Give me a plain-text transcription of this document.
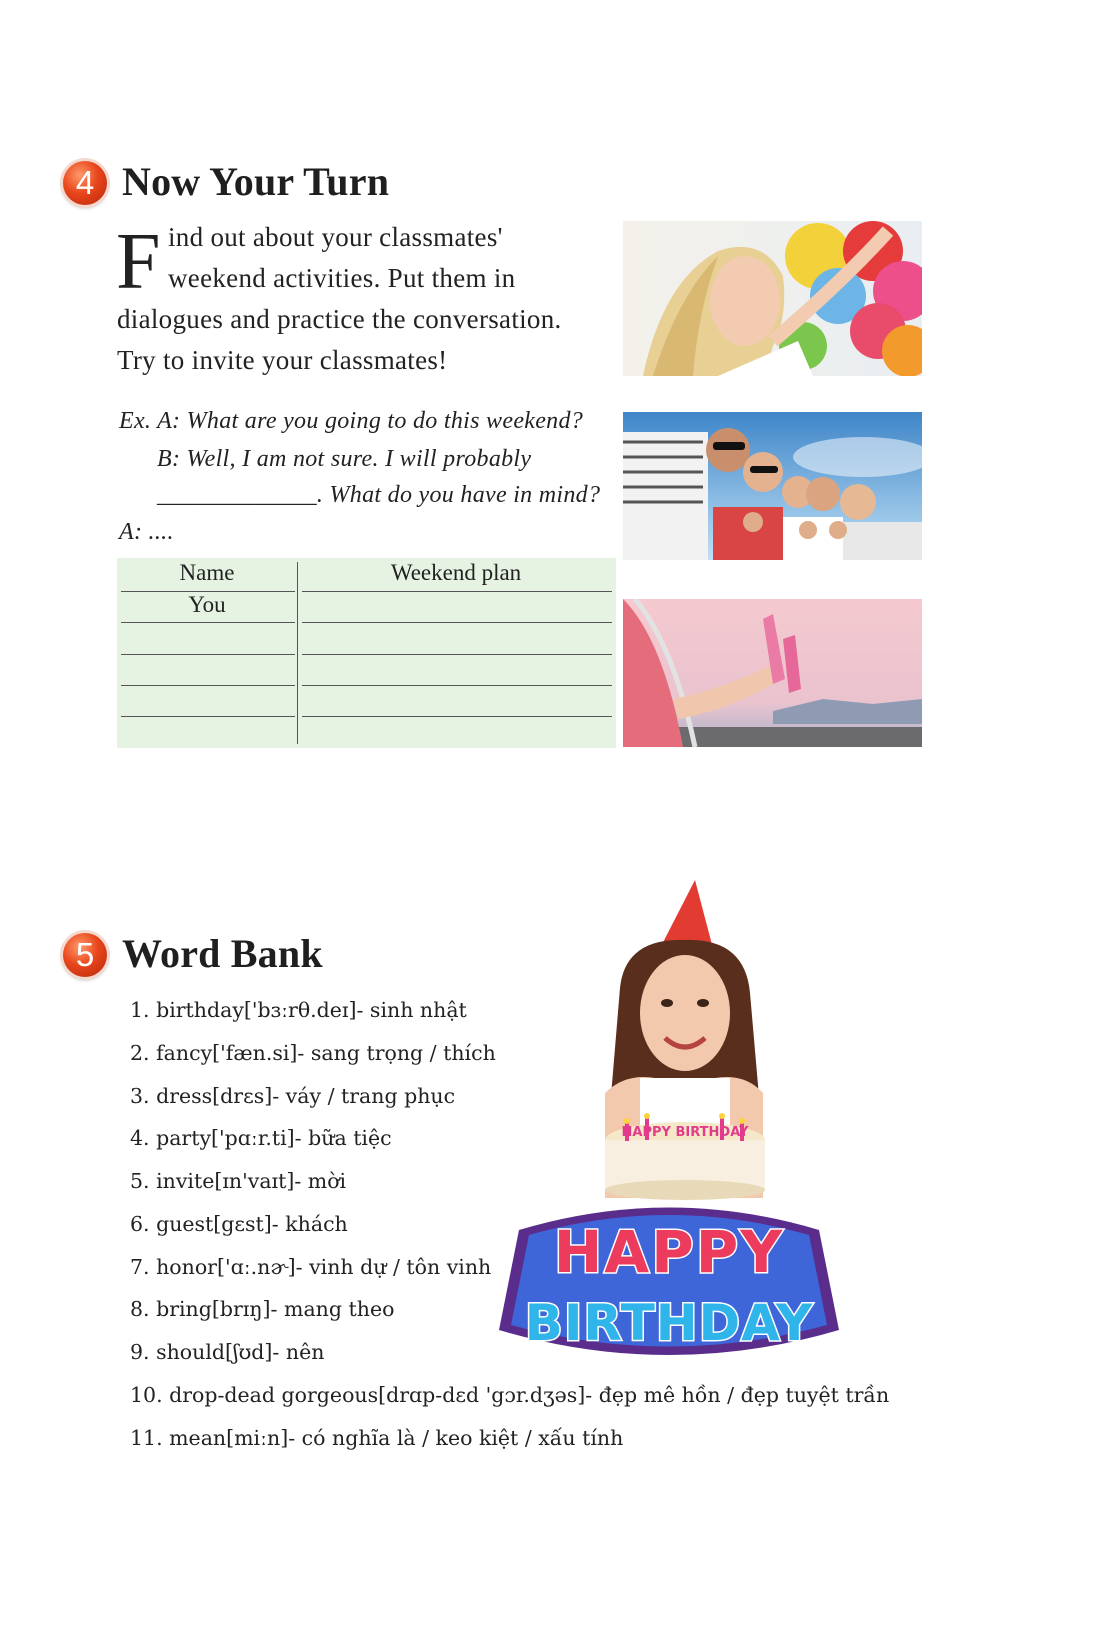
4 Now Your Turn
F ind out about your classmates'
weekend activities. Put them in
dialogues and practice the conversation.
Try to invite your classmates!
Ex. A: What are you going to do this weekend?
B: Well, I am not sure. I will probably
_____________. What do you have in mind?
A: ....
Name	Weekend plan
You
5 Word Bank
1. birthday['bɜːrθ.deɪ]- sinh nhật
2. fancy['fæn.si]- sang trọng / thích
3. dress[drɛs]- váy / trang phục
4. party['pɑːr.ti]- bữa tiệc
5. invite[ɪn'vaɪt]- mời
6. guest[gɛst]- khách
7. honor['ɑː.nɚ]- vinh dự / tôn vinh
8. bring[brɪŋ]- mang theo
9. should[ʃʊd]- nên
10. drop-dead gorgeous[drɑp-dɛd 'gɔr.dʒəs]- đẹp mê hồn / đẹp tuyệt trần
11. mean[miːn]- có nghĩa là / keo kiệt / xấu tính
HAPPY BIRTHDAY
HAPPY
BIRTHDAY
